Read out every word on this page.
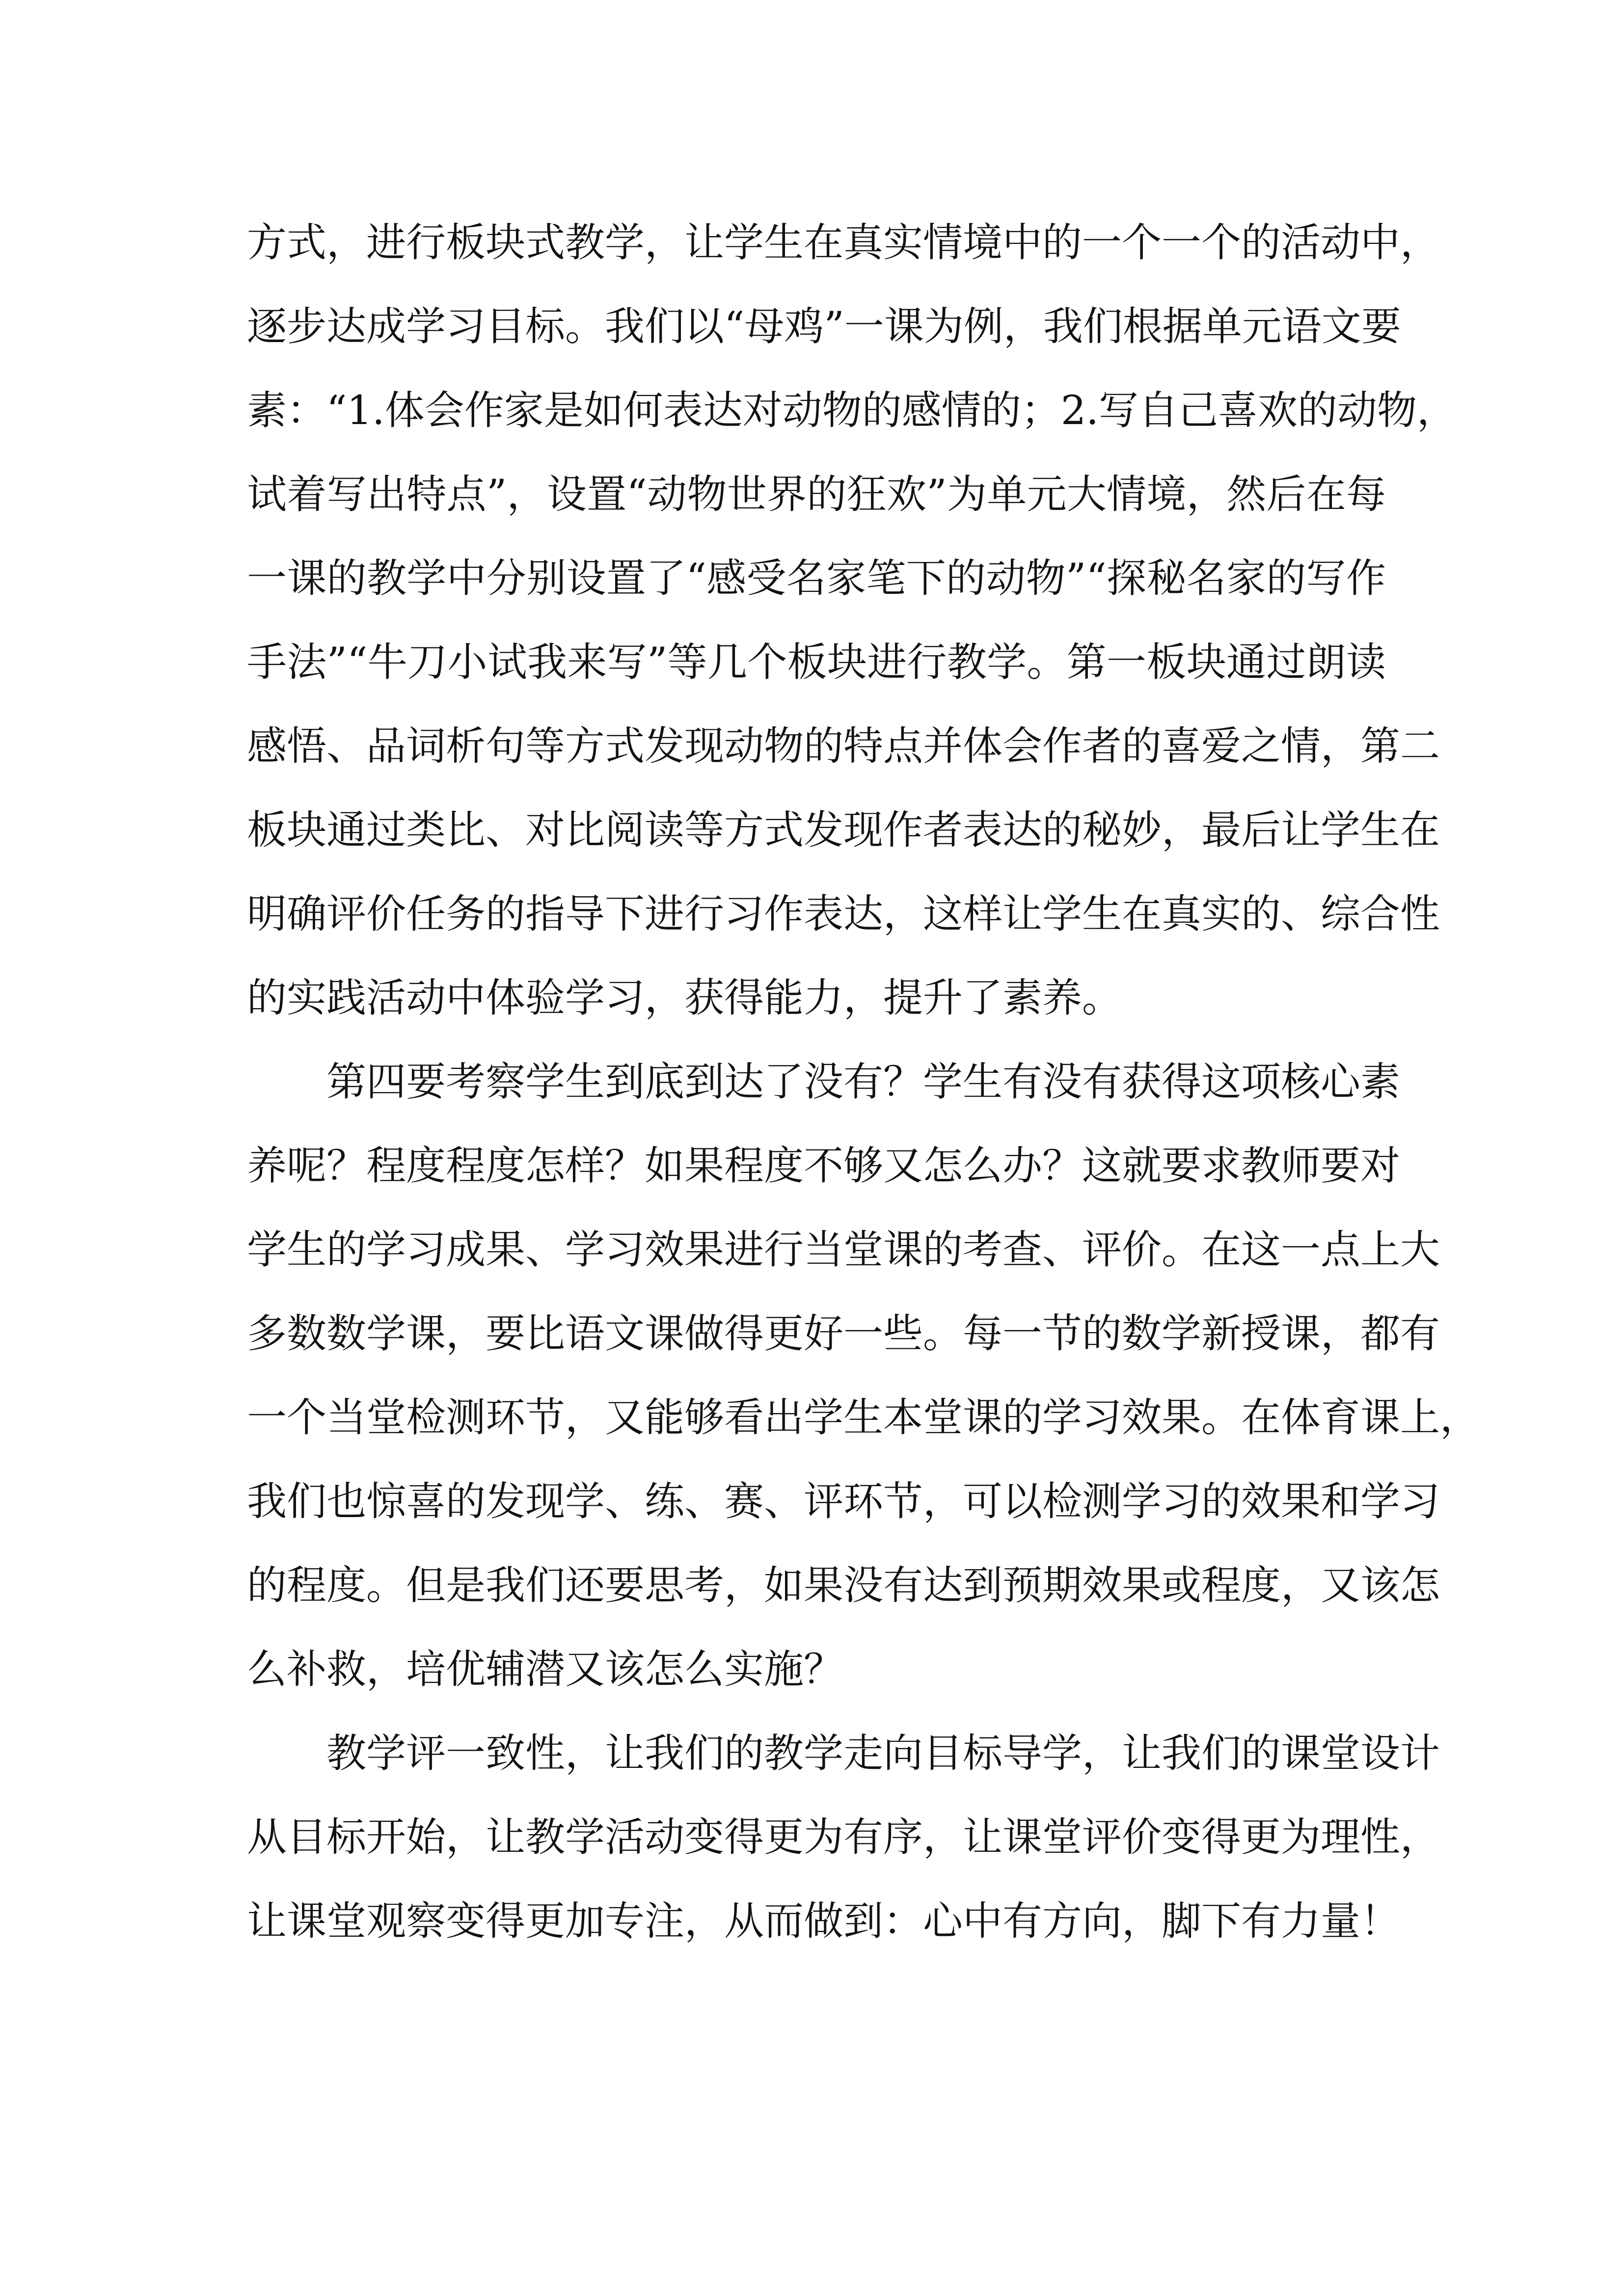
方式，进行板块式教学，让学生在真实情境中的一个一个的活动中，
逐步达成学习目标。我们以“母鸡”一课为例，我们根据单元语文要
素：“1.体会作家是如何表达对动物的感情的；2.写自己喜欢的动物，
试着写出特点”，设置“动物世界的狂欢”为单元大情境，然后在每
一课的教学中分别设置了“感受名家笔下的动物”“探秘名家的写作
手法”“牛刀小试我来写”等几个板块进行教学。第一板块通过朗读
感悟、品词析句等方式发现动物的特点并体会作者的喜爱之情，第二
板块通过类比、对比阅读等方式发现作者表达的秘妙，最后让学生在
明确评价任务的指导下进行习作表达，这样让学生在真实的、综合性
的实践活动中体验学习，获得能力，提升了素养。
第四要考察学生到底到达了没有？学生有没有获得这项核心素
养呢？程度程度怎样？如果程度不够又怎么办？这就要求教师要对
学生的学习成果、学习效果进行当堂课的考查、评价。在这一点上大
多数数学课，要比语文课做得更好一些。每一节的数学新授课，都有
一个当堂检测环节，又能够看出学生本堂课的学习效果。在体育课上，
我们也惊喜的发现学、练、赛、评环节，可以检测学习的效果和学习
的程度。但是我们还要思考，如果没有达到预期效果或程度，又该怎
么补救，培优辅潜又该怎么实施？
教学评一致性，让我们的教学走向目标导学，让我们的课堂设计
从目标开始，让教学活动变得更为有序，让课堂评价变得更为理性，
让课堂观察变得更加专注，从而做到：心中有方向，脚下有力量！
